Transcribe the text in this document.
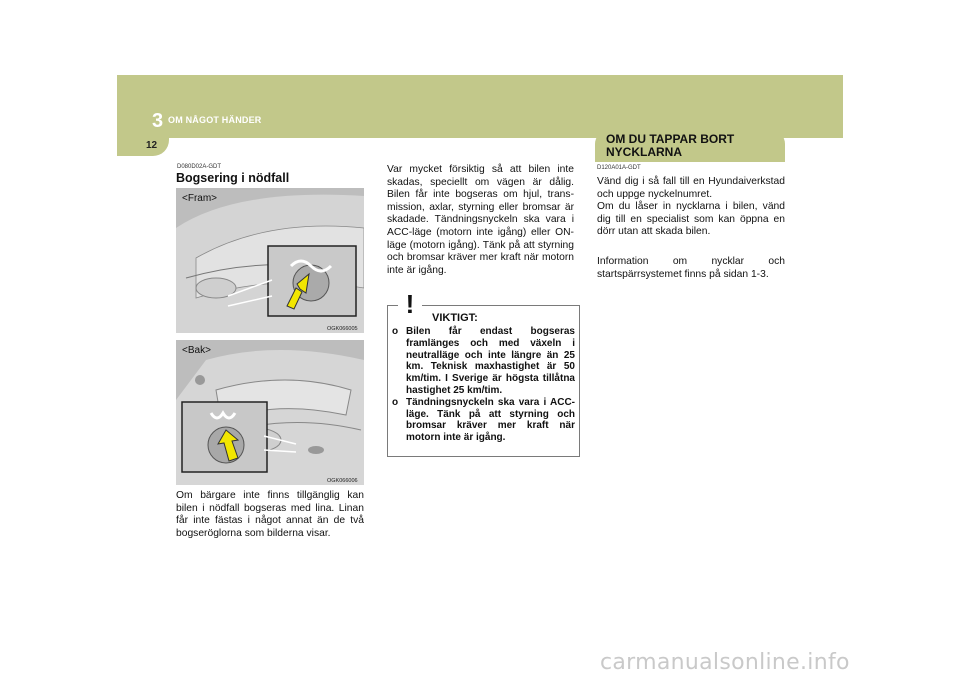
3 OM NÅGOT HÄNDER
12
D080D02A-GDT
Bogsering i nödfall
<Fram>
OGK066005
<Bak>
OGK066006
Om bärgare inte finns tillgänglig kan bilen i nödfall bogseras med lina. Linan får inte fästas i något annat än de två bogseröglorna som bilderna visar.
Var mycket försiktig så att bilen inte skadas, speciellt om vägen är dålig. Bilen får inte bogseras om hjul, transmission, axlar, styrning eller bromsar är skadade. Tändningsnyckeln ska vara i ACC-läge (motorn inte igång) eller ON-läge (motorn igång). Tänk på att styrning och bromsar kräver mer kraft när motorn inte är igång.
! VIKTIGT:
o Bilen får endast bogseras framlänges och med växeln i neutralläge och inte längre än 25 km. Teknisk maxhastighet är 50 km/tim. I Sverige är högsta tillåtna hastighet 25 km/tim.
o Tändningsnyckeln ska vara i ACC-läge. Tänk på att styrning och bromsar kräver mer kraft när motorn inte är igång.
OM DU TAPPAR BORT NYCKLARNA
D120A01A-GDT
Vänd dig i så fall till en Hyundaiverkstad och uppge nyckelnumret.
Om du låser in nycklarna i bilen, vänd dig till en specialist som kan öppna en dörr utan att skada bilen.
Information om nycklar och startspärrsystemet finns på sidan 1-3.
carmanualsonline.info
